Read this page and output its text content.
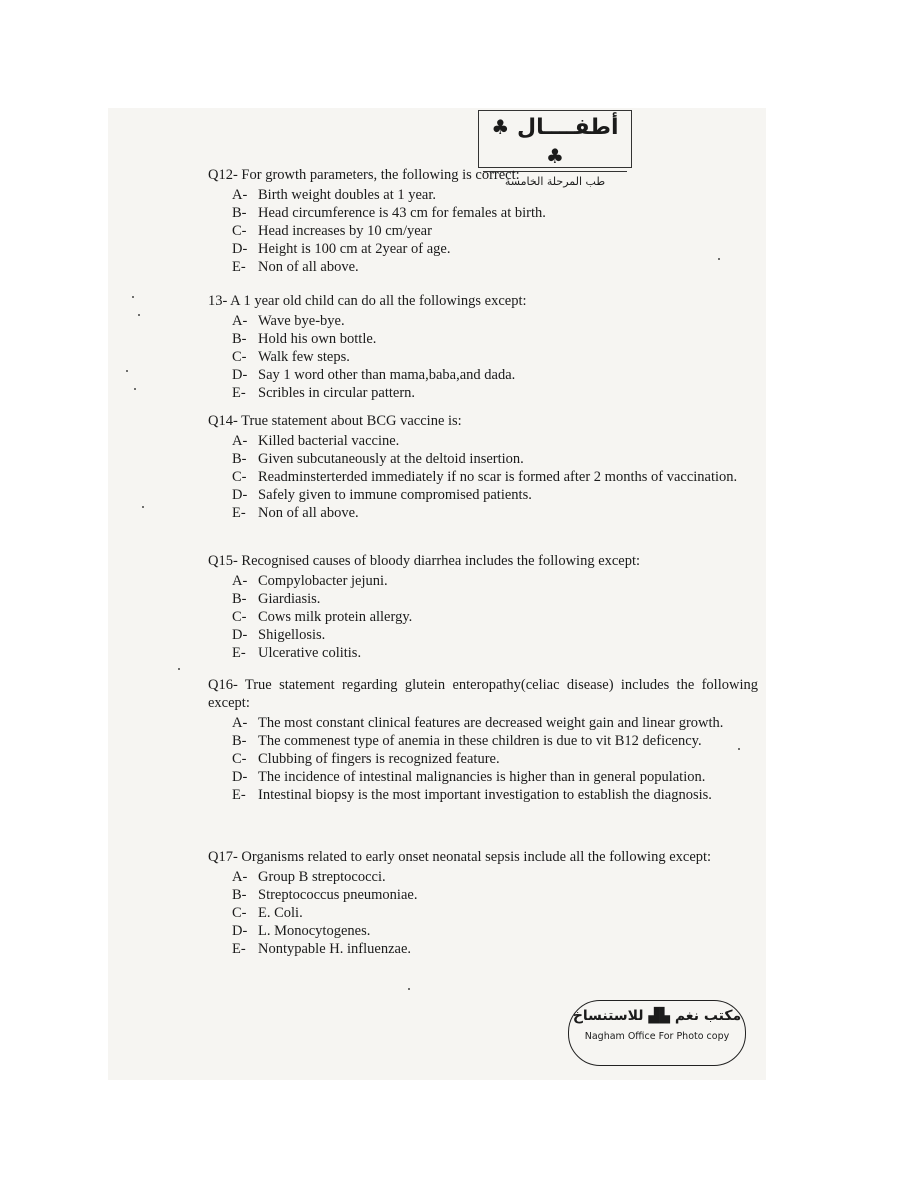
♣ أطفــــال ♣
طب المرحلة الخامسة

Q12- For growth parameters, the following is correct:

A- Birth weight doubles at 1 year.
B- Head circumference is 43 cm for females at birth.
C- Head increases by 10 cm/year
D- Height is 100 cm at 2year of age.
E- Non of all above.

13- A 1 year old child can do all the followings except:

A- Wave bye-bye.
B- Hold his own bottle.
C- Walk few steps.
D- Say 1 word other than mama,baba,and dada.
E- Scribles in circular pattern.

Q14- True statement about BCG vaccine is:

A- Killed bacterial vaccine.
B- Given subcutaneously at the deltoid insertion.
C- Readminsterterded immediately if no scar is formed after 2 months of vaccination.
D- Safely given to immune compromised patients.
E- Non of all above.

Q15- Recognised causes of bloody diarrhea includes the following except:

A- Compylobacter jejuni.
B- Giardiasis.
C- Cows milk protein allergy.
D- Shigellosis.
E- Ulcerative colitis.

Q16- True statement regarding glutein enteropathy(celiac disease) includes the following except:

A- The most constant clinical features are decreased weight gain and linear growth.
B- The commenest type of anemia in these children is due to vit B12 deficency.
C- Clubbing of fingers is recognized feature.
D- The incidence of intestinal malignancies is higher than in general population.
E- Intestinal biopsy is the most important investigation to establish the diagnosis.

Q17- Organisms related to early onset neonatal sepsis include all the following except:

A- Group B streptococci.
B- Streptococcus pneumoniae.
C- E. Coli.
D- L. Monocytogenes.
E- Nontypable H. influenzae.
مكتب نغم ▟▙ للاستنساخ
Nagham Office For Photo copy
